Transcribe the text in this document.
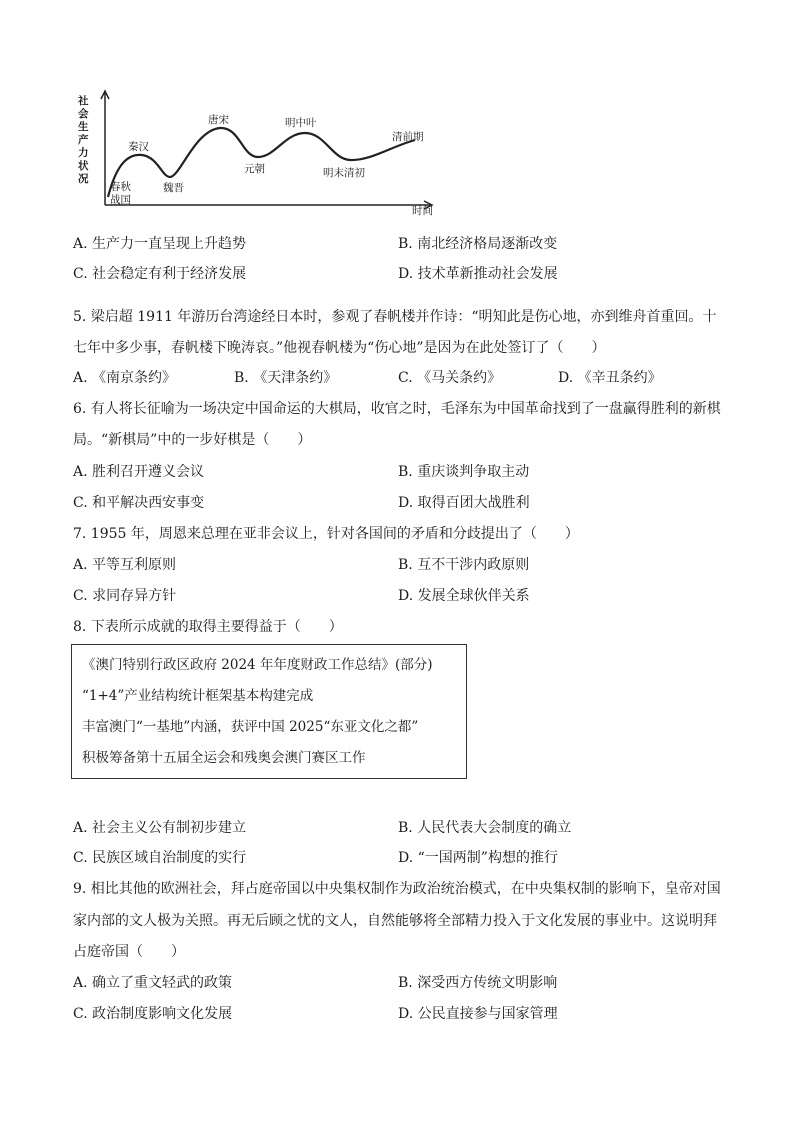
社
会
生
产
力
状
况
春秋
战国
秦汉
魏晋
唐宋
元朝
明中叶
明末清初
清前期
时间
A. 生产力一直呈现上升趋势	B. 南北经济格局逐渐改变
C. 社会稳定有利于经济发展	D. 技术革新推动社会发展
5. 梁启超 1911 年游历台湾途经日本时，参观了春帆楼并作诗：“明知此是伤心地，亦到维舟首重回。十
七年中多少事，春帆楼下晚涛哀。”他视春帆楼为“伤心地”是因为在此处签订了（　　）
A. 《南京条约》	B. 《天津条约》	C. 《马关条约》	D. 《辛丑条约》
6. 有人将长征喻为一场决定中国命运的大棋局，收官之时，毛泽东为中国革命找到了一盘赢得胜利的新棋
局。“新棋局”中的一步好棋是（　　）
A. 胜利召开遵义会议	B. 重庆谈判争取主动
C. 和平解决西安事变	D. 取得百团大战胜利
7. 1955 年，周恩来总理在亚非会议上，针对各国间的矛盾和分歧提出了（　　）
A. 平等互利原则	B. 互不干涉内政原则
C. 求同存异方针	D. 发展全球伙伴关系
8. 下表所示成就的取得主要得益于（　　）
《澳门特别行政区政府 2024 年年度财政工作总结》(部分)
“1+4”产业结构统计框架基本构建完成
丰富澳门“一基地”内涵，获评中国 2025“东亚文化之都”
积极筹备第十五届全运会和残奥会澳门赛区工作
A. 社会主义公有制初步建立	B. 人民代表大会制度的确立
C. 民族区域自治制度的实行	D. “一国两制”构想的推行
9. 相比其他的欧洲社会，拜占庭帝国以中央集权制作为政治统治模式，在中央集权制的影响下，皇帝对国
家内部的文人极为关照。再无后顾之忧的文人，自然能够将全部精力投入于文化发展的事业中。这说明拜
占庭帝国（　　）
A. 确立了重文轻武的政策	B. 深受西方传统文明影响
C. 政治制度影响文化发展	D. 公民直接参与国家管理
